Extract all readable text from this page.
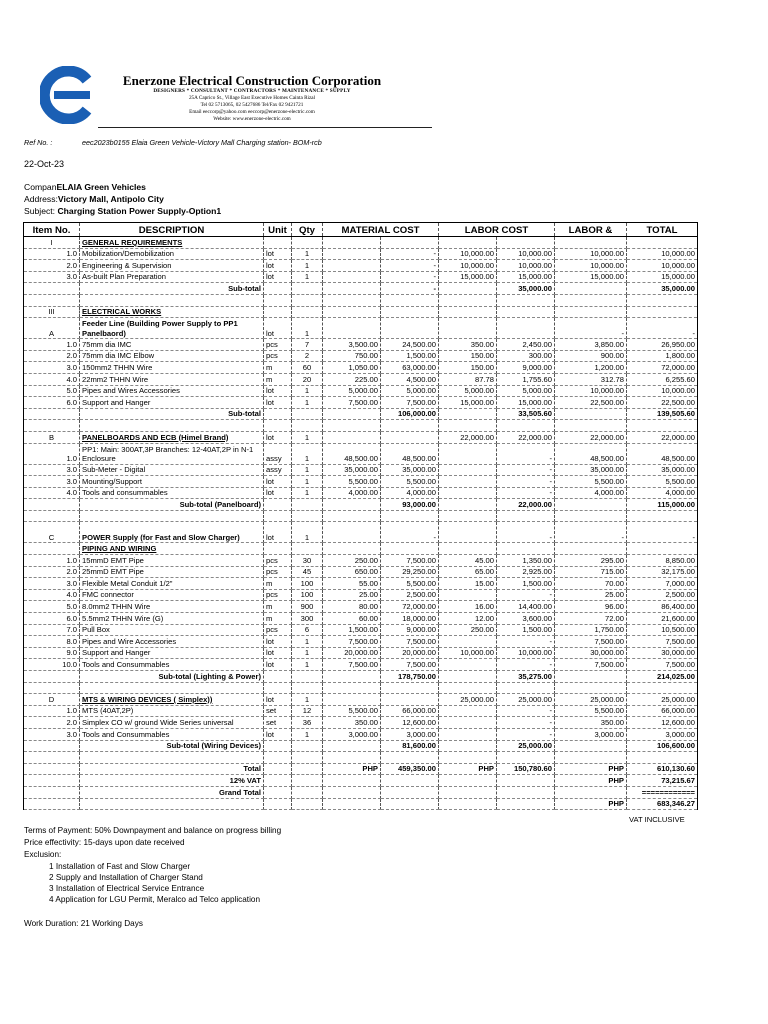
Enerzone Electrical Construction Corporation
DESIGNERS * CONSULTANT * CONTRACTORS * MAINTENANCE * SUPPLY
25A Caprico St., Village East Executive Homes Cainta Rizal
Tel 02 5713065, 02 5427686 Tel/Fax 02 9421721
Email eeccorp@yahoo.com eeccorp@enerzone-electric.com
Website: www.enerzone-electric.com
Ref No. :	eec2023b0155 Elaia Green Vehicle-Victory Mall Charging station- BOM-rcb
22-Oct-23
CompanELAIA Green Vehicles
Address:Victory Mall, Antipolo City
Subject: Charging Station Power Supply-Option1
Item No.	DESCRIPTION	Unit	Qty	MATERIAL COST		LABOR COST		LABOR &	TOTAL
I	GENERAL REQUIREMENTS								
1.0	Mobilization/Demobilization	lot	1		-	10,000.00	10,000.00	10,000.00	10,000.00
2.0	Engineering & Supervision	lot	1		-	10,000.00	10,000.00	10,000.00	10,000.00
3.0	As-built Plan Preparation	lot	1		-	15,000.00	15,000.00	15,000.00	15,000.00
	Sub-total				-		35,000.00		35,000.00

III	ELECTRICAL WORKS								
A	Feeder Line (Building Power Supply to PP1 Panelbaord)	lot	1					-	-
1.0	75mm dia IMC	pcs	7	3,500.00	24,500.00	350.00	2,450.00	3,850.00	26,950.00
2.0	75mm dia IMC Elbow	pcs	2	750.00	1,500.00	150.00	300.00	900.00	1,800.00
3.0	150mm2 THHN Wire	m	60	1,050.00	63,000.00	150.00	9,000.00	1,200.00	72,000.00
4.0	22mm2 THHN Wire	m	20	225.00	4,500.00	87.78	1,755.60	312.78	6,255.60
5.0	Pipes and Wires Accessories	lot	1	5,000.00	5,000.00	5,000.00	5,000.00	10,000.00	10,000.00
6.0	Support and Hanger	lot	1	7,500.00	7,500.00	15,000.00	15,000.00	22,500.00	22,500.00
	Sub-total				106,000.00		33,505.60		139,505.60

B	PANELBOARDS AND ECB (Himel Brand)	lot	1			22,000.00	22,000.00	22,000.00	22,000.00
1.0	PP1: Main: 300AT,3P Branches: 12-40AT,2P in N-1 Enclosure	assy	1	48,500.00	48,500.00		-	48,500.00	48,500.00
3.0	Sub-Meter - Digital	assy	1	35,000.00	35,000.00		-	35,000.00	35,000.00
3.0	Mounting/Support	lot	1	5,500.00	5,500.00		-	5,500.00	5,500.00
4.0	Tools and consummables	lot	1	4,000.00	4,000.00		-	4,000.00	4,000.00
	Sub-total (Panelboard)				93,000.00		22,000.00		115,000.00

C	POWER Supply (for Fast and Slow Charger)	lot	1		-		-	-	-
	PIPING AND WIRING								
1.0	15mmD EMT Pipe	pcs	30	250.00	7,500.00	45.00	1,350.00	295.00	8,850.00
2.0	25mmD EMT Pipe	pcs	45	650.00	29,250.00	65.00	2,925.00	715.00	32,175.00
3.0	Flexible Metal Conduit 1/2"	m	100	55.00	5,500.00	15.00	1,500.00	70.00	7,000.00
4.0	FMC connector	pcs	100	25.00	2,500.00		-	25.00	2,500.00
5.0	8.0mm2 THHN Wire	m	900	80.00	72,000.00	16.00	14,400.00	96.00	86,400.00
6.0	5.5mm2 THHN Wire (G)	m	300	60.00	18,000.00	12.00	3,600.00	72.00	21,600.00
7.0	Pull Box	pcs	6	1,500.00	9,000.00	250.00	1,500.00	1,750.00	10,500.00
8.0	Pipes and Wire Accessories	lot	1	7,500.00	7,500.00		-	7,500.00	7,500.00
9.0	Support and Hanger	lot	1	20,000.00	20,000.00	10,000.00	10,000.00	30,000.00	30,000.00
10.0	Tools and Consummables	lot	1	7,500.00	7,500.00		-	7,500.00	7,500.00
	Sub-total (Lighting & Power)				178,750.00		35,275.00		214,025.00

D	MTS & WIRING DEVICES ( Simplex))	lot	1			25,000.00	25,000.00	25,000.00	25,000.00
1.0	MTS (40AT,2P)	set	12	5,500.00	66,000.00		-	5,500.00	66,000.00
2.0	Simplex CO w/ ground Wide Series universal	set	36	350.00	12,600.00		-	350.00	12,600.00
3.0	Tools and Consummables	lot	1	3,000.00	3,000.00		-	3,000.00	3,000.00
	Sub-total (Wiring Devices)				81,600.00		25,000.00		106,600.00

	Total			PHP	459,350.00	PHP	150,780.60	PHP	610,130.60
	12% VAT							PHP	73,215.67
	Grand Total								============
								PHP	683,346.27
VAT INCLUSIVE
Terms of Payment: 50% Downpayment and balance on progress billing
Price effectivity: 15-days upon date received
Exclusion:
1 Installation of Fast and Slow Charger
2 Supply and Installation of Charger Stand
3 Installation of Electrical Service Entrance
4 Application for LGU Permit, Meralco ad Telco application
Work Duration: 21 Working Days
